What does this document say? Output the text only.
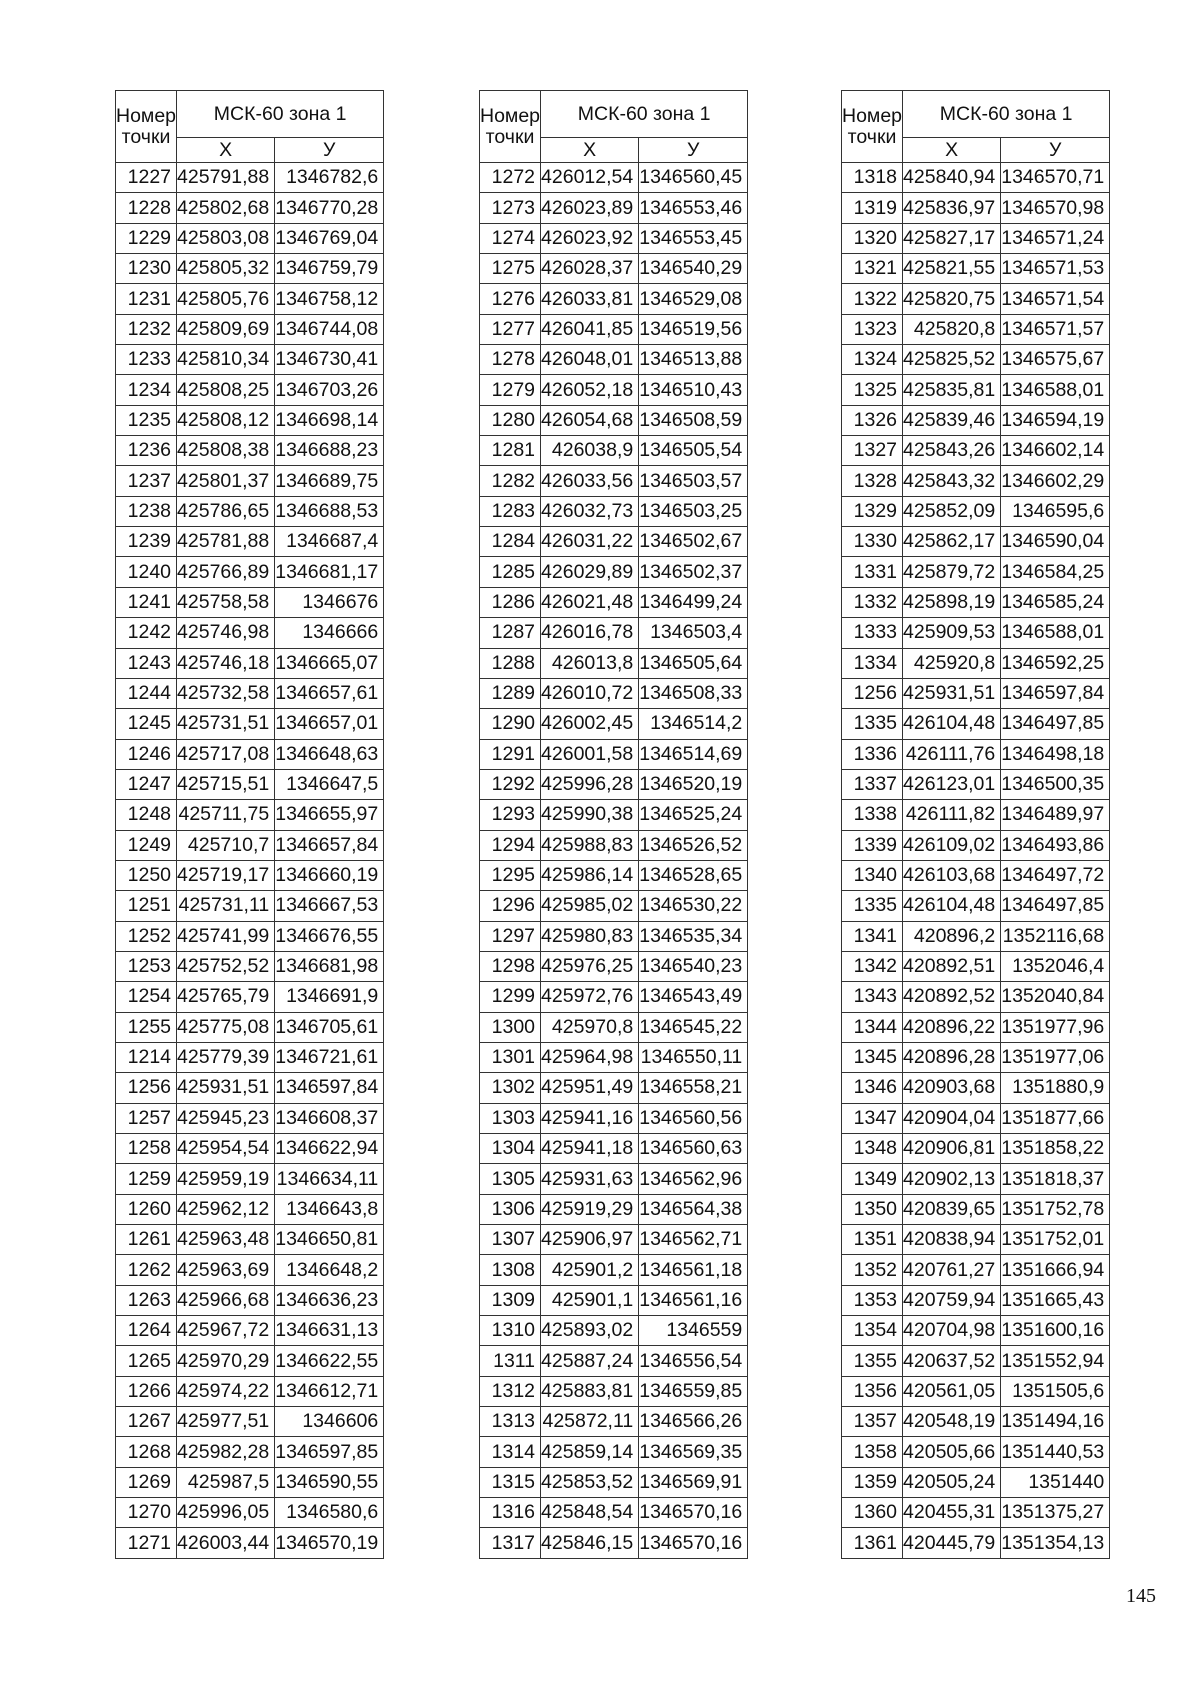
Номер точки	МСК-60 зона 1	
	Х	У
1227	425791,88	1346782,6
1228	425802,68	1346770,28
1229	425803,08	1346769,04
1230	425805,32	1346759,79
1231	425805,76	1346758,12
1232	425809,69	1346744,08
1233	425810,34	1346730,41
1234	425808,25	1346703,26
1235	425808,12	1346698,14
1236	425808,38	1346688,23
1237	425801,37	1346689,75
1238	425786,65	1346688,53
1239	425781,88	1346687,4
1240	425766,89	1346681,17
1241	425758,58	1346676
1242	425746,98	1346666
1243	425746,18	1346665,07
1244	425732,58	1346657,61
1245	425731,51	1346657,01
1246	425717,08	1346648,63
1247	425715,51	1346647,5
1248	425711,75	1346655,97
1249	425710,7	1346657,84
1250	425719,17	1346660,19
1251	425731,11	1346667,53
1252	425741,99	1346676,55
1253	425752,52	1346681,98
1254	425765,79	1346691,9
1255	425775,08	1346705,61
1214	425779,39	1346721,61
1256	425931,51	1346597,84
1257	425945,23	1346608,37
1258	425954,54	1346622,94
1259	425959,19	1346634,11
1260	425962,12	1346643,8
1261	425963,48	1346650,81
1262	425963,69	1346648,2
1263	425966,68	1346636,23
1264	425967,72	1346631,13
1265	425970,29	1346622,55
1266	425974,22	1346612,71
1267	425977,51	1346606
1268	425982,28	1346597,85
1269	425987,5	1346590,55
1270	425996,05	1346580,6
1271	426003,44	1346570,19
Номер точки	МСК-60 зона 1	
	Х	У
1272	426012,54	1346560,45
1273	426023,89	1346553,46
1274	426023,92	1346553,45
1275	426028,37	1346540,29
1276	426033,81	1346529,08
1277	426041,85	1346519,56
1278	426048,01	1346513,88
1279	426052,18	1346510,43
1280	426054,68	1346508,59
1281	426038,9	1346505,54
1282	426033,56	1346503,57
1283	426032,73	1346503,25
1284	426031,22	1346502,67
1285	426029,89	1346502,37
1286	426021,48	1346499,24
1287	426016,78	1346503,4
1288	426013,8	1346505,64
1289	426010,72	1346508,33
1290	426002,45	1346514,2
1291	426001,58	1346514,69
1292	425996,28	1346520,19
1293	425990,38	1346525,24
1294	425988,83	1346526,52
1295	425986,14	1346528,65
1296	425985,02	1346530,22
1297	425980,83	1346535,34
1298	425976,25	1346540,23
1299	425972,76	1346543,49
1300	425970,8	1346545,22
1301	425964,98	1346550,11
1302	425951,49	1346558,21
1303	425941,16	1346560,56
1304	425941,18	1346560,63
1305	425931,63	1346562,96
1306	425919,29	1346564,38
1307	425906,97	1346562,71
1308	425901,2	1346561,18
1309	425901,1	1346561,16
1310	425893,02	1346559
1311	425887,24	1346556,54
1312	425883,81	1346559,85
1313	425872,11	1346566,26
1314	425859,14	1346569,35
1315	425853,52	1346569,91
1316	425848,54	1346570,16
1317	425846,15	1346570,16
Номер точки	МСК-60 зона 1	
	Х	У
1318	425840,94	1346570,71
1319	425836,97	1346570,98
1320	425827,17	1346571,24
1321	425821,55	1346571,53
1322	425820,75	1346571,54
1323	425820,8	1346571,57
1324	425825,52	1346575,67
1325	425835,81	1346588,01
1326	425839,46	1346594,19
1327	425843,26	1346602,14
1328	425843,32	1346602,29
1329	425852,09	1346595,6
1330	425862,17	1346590,04
1331	425879,72	1346584,25
1332	425898,19	1346585,24
1333	425909,53	1346588,01
1334	425920,8	1346592,25
1256	425931,51	1346597,84
1335	426104,48	1346497,85
1336	426111,76	1346498,18
1337	426123,01	1346500,35
1338	426111,82	1346489,97
1339	426109,02	1346493,86
1340	426103,68	1346497,72
1335	426104,48	1346497,85
1341	420896,2	1352116,68
1342	420892,51	1352046,4
1343	420892,52	1352040,84
1344	420896,22	1351977,96
1345	420896,28	1351977,06
1346	420903,68	1351880,9
1347	420904,04	1351877,66
1348	420906,81	1351858,22
1349	420902,13	1351818,37
1350	420839,65	1351752,78
1351	420838,94	1351752,01
1352	420761,27	1351666,94
1353	420759,94	1351665,43
1354	420704,98	1351600,16
1355	420637,52	1351552,94
1356	420561,05	1351505,6
1357	420548,19	1351494,16
1358	420505,66	1351440,53
1359	420505,24	1351440
1360	420455,31	1351375,27
1361	420445,79	1351354,13
145
